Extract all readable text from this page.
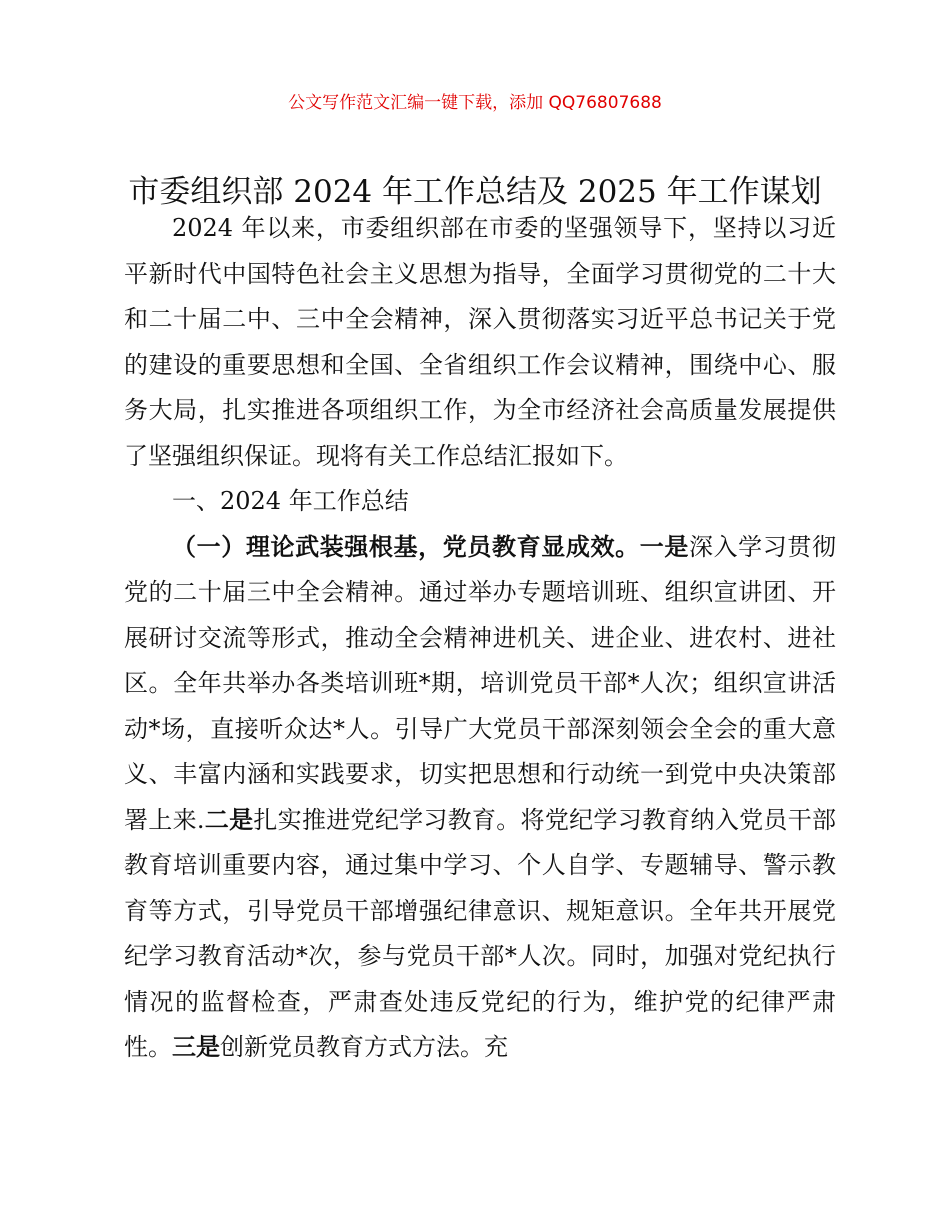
公文写作范文汇编一键下载，添加 QQ76807688
市委组织部 2024 年工作总结及 2025 年工作谋划

2024 年以来，市委组织部在市委的坚强领导下，坚持以习近平新时代中国特色社会主义思想为指导，全面学习贯彻党的二十大和二十届二中、三中全会精神，深入贯彻落实习近平总书记关于党的建设的重要思想和全国、全省组织工作会议精神，围绕中心、服务大局，扎实推进各项组织工作，为全市经济社会高质量发展提供了坚强组织保证。现将有关工作总结汇报如下。

一、2024 年工作总结

（一）理论武装强根基，党员教育显成效。一是深入学习贯彻党的二十届三中全会精神。通过举办专题培训班、组织宣讲团、开展研讨交流等形式，推动全会精神进机关、进企业、进农村、进社区。全年共举办各类培训班*期，培训党员干部*人次；组织宣讲活动*场，直接听众达*人。引导广大党员干部深刻领会全会的重大意义、丰富内涵和实践要求，切实把思想和行动统一到党中央决策部署上来.二是扎实推进党纪学习教育。将党纪学习教育纳入党员干部教育培训重要内容，通过集中学习、个人自学、专题辅导、警示教育等方式，引导党员干部增强纪律意识、规矩意识。全年共开展党纪学习教育活动*次，参与党员干部*人次。同时，加强对党纪执行情况的监督检查，严肃查处违反党纪的行为，维护党的纪律严肃性。三是创新党员教育方式方法。充
